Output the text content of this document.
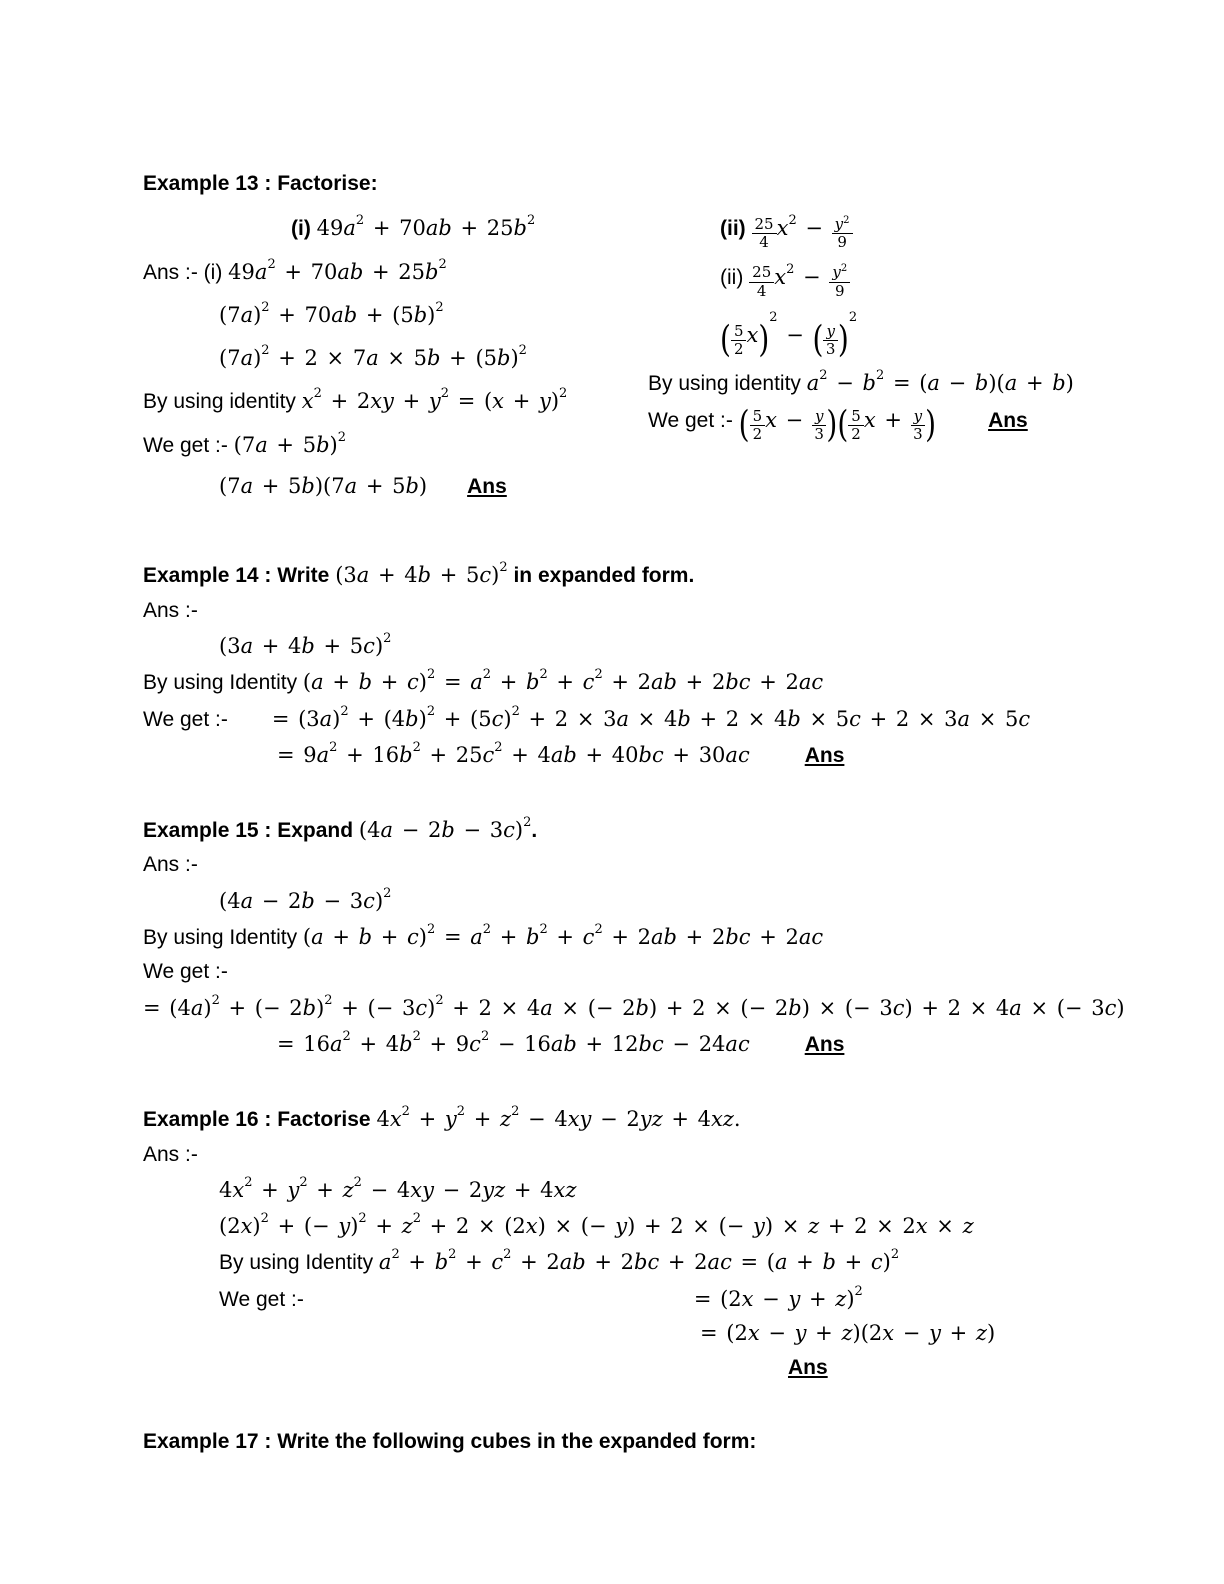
Example 13 : Factorise:
(i) $49a^2 + 70ab + 25b^2$
Ans :- (i) $49a^2 + 70ab + 25b^2$
$(7a)^2 + 70ab + (5b)^2$
$(7a)^2 + 2 \times 7a \times 5b + (5b)^2$
By using identity $x^2 + 2xy + y^2 = (x + y)^2$
We get :- $(7a + 5b)^2$
(7a + 5b)(7a + 5b) Ans
$(ii) \frac{25}{4} x^2 - \frac{y^2}{9}$
$(ii) \frac{25}{4} x^2 - \frac{y^2}{9}$
( $\frac{5}{2} x)^2$ − ( $\frac{y}{3} )^2$
By using identity $a^2 - b^2 = (a - b)(a + b)$
We get :- ( $\frac{5}{2}$ $x - \frac{y}{3}$ )( $\frac{5}{2}$ $x + \frac{y}{3}$ ) Ans
Example 14 : Write $(3a + 4b + 5c)^2$ in expanded form.
Ans :-
$(3a + 4b + 5c)^2$
By using Identity $(a + b + c)^2 = a^2 + b^2 + c^2 + 2ab + 2bc + 2ac$
We get :- = $(3a)^2 + (4b)^2 + (5c)^2 + 2 \times 3a \times 4b + 2 \times 4b \times 5c + 2 \times 3a \times 5c$
= $9a^2 + 16b^2 + 25c^2 + 4ab + 40bc + 30ac$	Ans
Example 15 : Expand $(4a - 2b - 3c)^2$.
Ans :-
$(4a - 2b - 3c)^2$
By using Identity $(a + b + c)^2 = a^2 + b^2 + c^2 + 2ab + 2bc + 2ac$
We get :-
= $(4a)^2$ + (− 2b)$^2$ + (− 3c)$^2$ + 2 × 4a × (− 2b) + 2 × (− 2b) × (− 3c) + 2 × 4a × (− 3c)
= $16a^2 + 4b^2 + 9c^2 - 16ab + 12bc - 24ac$	Ans
Example 16 : Factorise $4x^2 + y^2 + z^2 - 4xy - 2yz + 4xz$.
Ans :-
$4x^2 + y^2 + z^2 - 4xy - 2yz + 4xz$
$(2x)^2$ + (− $y)^2 + z^2 + 2 \times (2x)$ × (− y) + 2 × (− y) × z + 2 × 2x × z
By using Identity $a^2 + b^2 + c^2 + 2ab + 2bc + 2ac = (a + b + c)^2$
We get :-	= $(2x - y + z)^2$
= (2x − y + z)(2x − y + z)
Ans
Example 17 : Write the following cubes in the expanded form:
